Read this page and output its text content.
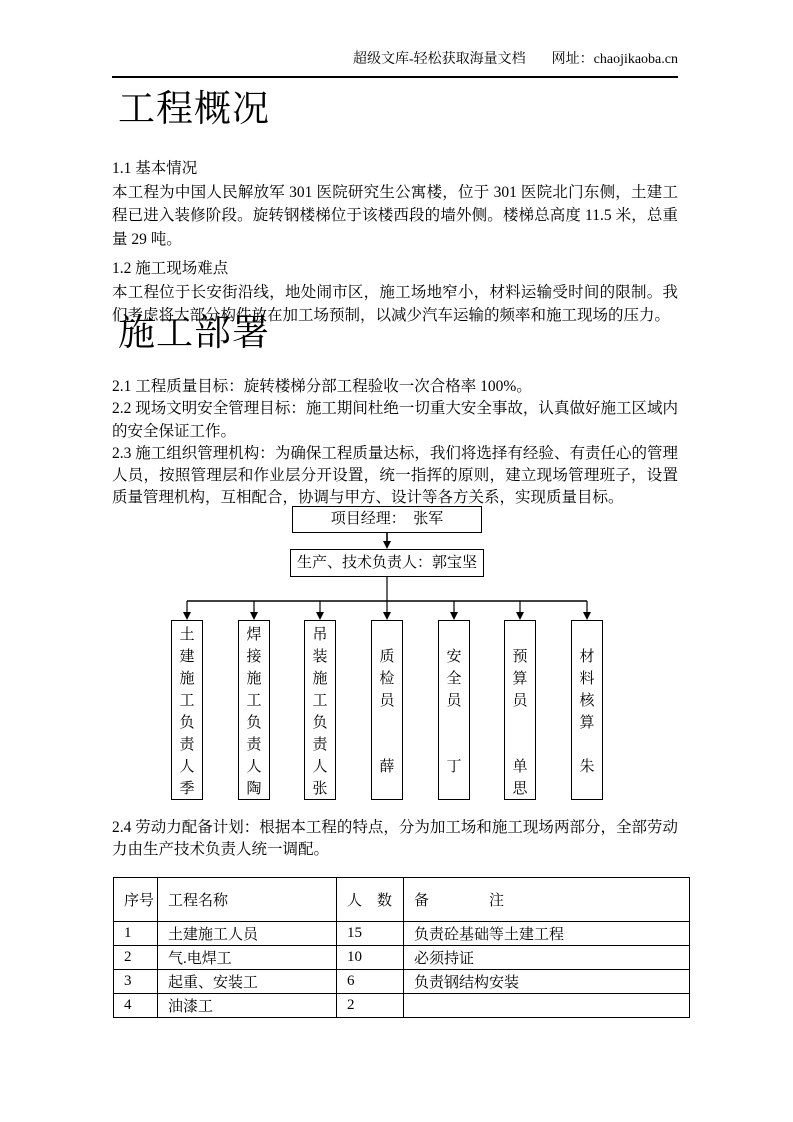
超级文库-轻松获取海量文档 网址：chaojikaoba.cn
工程概况
1.1 基本情况
本工程为中国人民解放军 301 医院研究生公寓楼，位于 301 医院北门东侧，土建工程已进入装修阶段。旋转钢楼梯位于该楼西段的墙外侧。楼梯总高度 11.5 米，总重量 29 吨。
1.2 施工现场难点
本工程位于长安街沿线，地处闹市区，施工场地窄小，材料运输受时间的限制。我们考虑将大部分构件放在加工场预制，以减少汽车运输的频率和施工现场的压力。
施工部署
2.1 工程质量目标：旋转楼梯分部工程验收一次合格率 100%。
2.2 现场文明安全管理目标：施工期间杜绝一切重大安全事故，认真做好施工区域内的安全保证工作。
2.3 施工组织管理机构：为确保工程质量达标，我们将选择有经验、有责任心的管理人员，按照管理层和作业层分开设置，统一指挥的原则，建立现场管理班子，设置质量管理机构，互相配合，协调与甲方、设计等各方关系，实现质量目标。
项目经理：　张军
生产、技术负责人：郭宝坚
土
建
施
工
负
责
人
季
焊
接
施
工
负
责
人
陶
吊
装
施
工
负
责
人
张
质
检
员
薛
安
全
员
丁
预
算
员
单
思
材
料
核
算
朱
2.4 劳动力配备计划：根据本工程的特点，分为加工场和施工现场两部分，全部劳动力由生产技术负责人统一调配。
序号	工程名称	人　数	备　　　　注
1	土建施工人员	15	负责砼基础等土建工程
2	气.电焊工	10	必须持证
3	起重、安装工	6	负责钢结构安装
4	油漆工	2	
